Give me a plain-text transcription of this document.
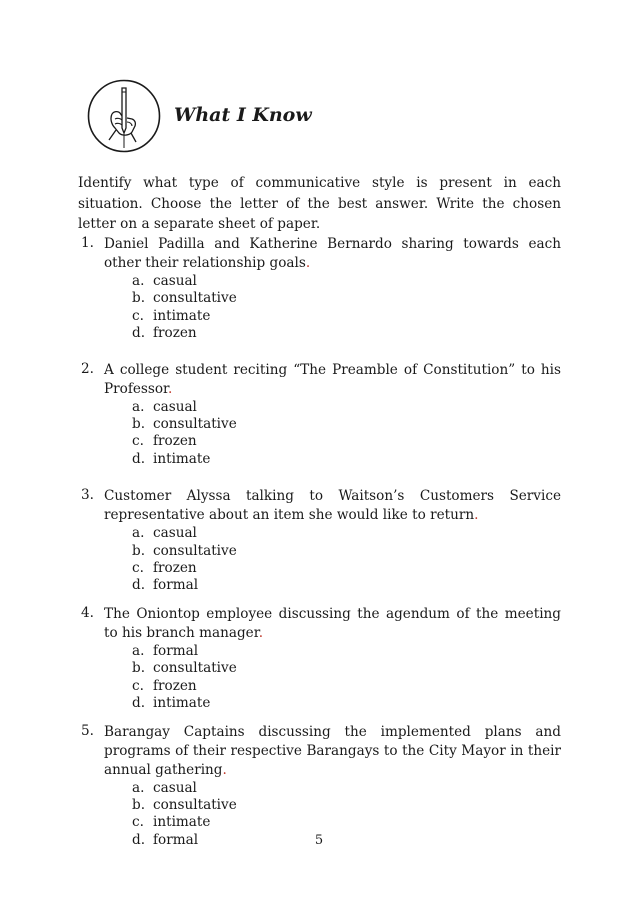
What I Know

Identify what type of communicative style is present in each situation. Choose the letter of the best answer. Write the chosen letter on a separate sheet of paper.

1. Daniel Padilla and Katherine Bernardo sharing towards each other their relationship goals.
a. casual
b. consultative
c. intimate
d. frozen
2. A college student reciting “The Preamble of Constitution” to his Professor.
a. casual
b. consultative
c. frozen
d. intimate
3. Customer Alyssa talking to Waitson’s Customers Service representative about an item she would like to return.
a. casual
b. consultative
c. frozen
d. formal
4. The Oniontop employee discussing the agendum of the meeting to his branch manager.
a. formal
b. consultative
c. frozen
d. intimate
5. Barangay Captains discussing the implemented plans and programs of their respective Barangays to the City Mayor in their annual gathering.
a. casual
b. consultative
c. intimate
d. formal	5
